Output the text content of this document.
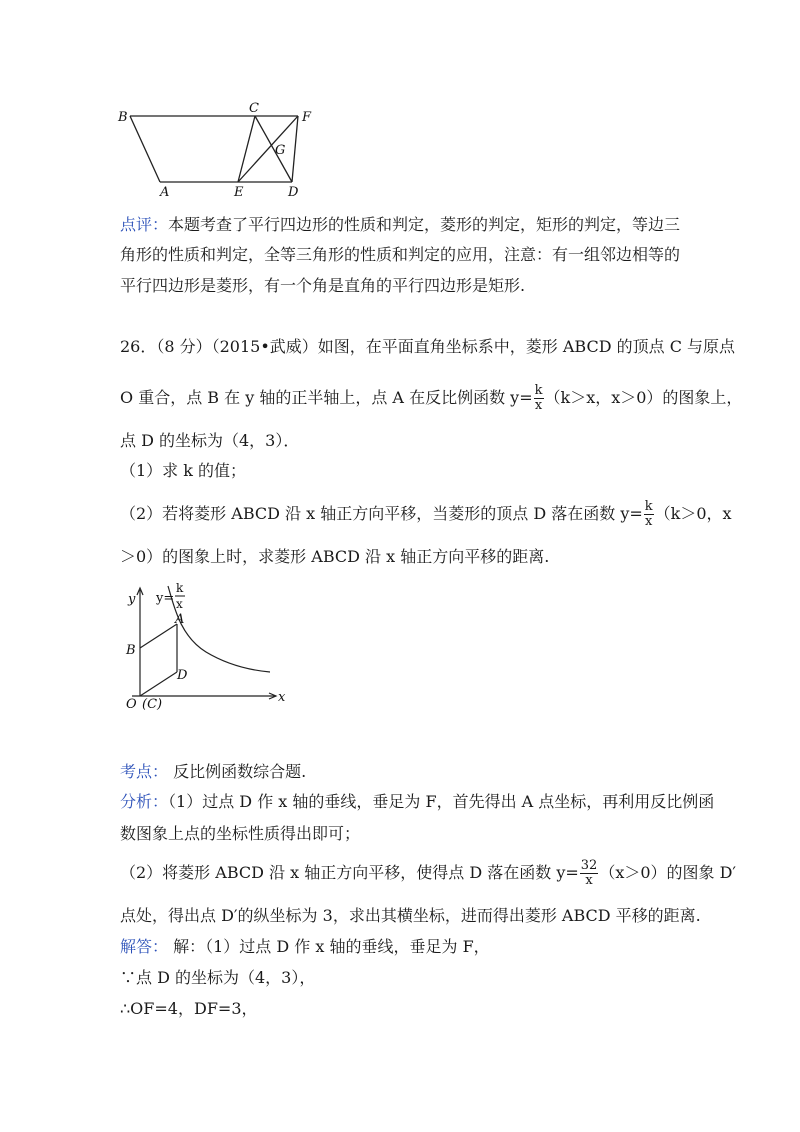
B
C
F
G
A	E	D
点评：本题考查了平行四边形的性质和判定，菱形的判定，矩形的判定，等边三
角形的性质和判定，全等三角形的性质和判定的应用，注意：有一组邻边相等的
平行四边形是菱形，有一个角是直角的平行四边形是矩形.
26．（8 分）（2015•武威）如图，在平面直角坐标系中，菱形 ABCD 的顶点 C 与原点
O 重合，点 B 在 y 轴的正半轴上，点 A 在反比例函数 $y= \frac{k}{x} (k>x$，x＞0）的图象上，
点 D 的坐标为（4，3）．
（1）求 k 的值；
（2）若将菱形 ABCD 沿 x 轴正方向平移，当菱形的顶点 D 落在函数 $y= \frac{k}{x} (k>0$，x
＞0）的图象上时，求菱形 ABCD 沿 x 轴正方向平移的距离.
y
x
y=
k
x
A
B
D
O (C)
考点： 反比例函数综合题.
分析：（1）过点 D 作 x 轴的垂线，垂足为 F，首先得出 A 点坐标，再利用反比例函
数图象上点的坐标性质得出即可；
（2）将菱形 ABCD 沿 x 轴正方向平移，使得点 D 落在函数 $y= \frac{32}{x} (x>0)$的图象 D′
点处，得出点 D′的纵坐标为 3，求出其横坐标，进而得出菱形 ABCD 平移的距离.
解答： 解：（1）过点 D 作 x 轴的垂线，垂足为 F，
∵点 D 的坐标为（4，3），
∴OF=4，DF=3，
